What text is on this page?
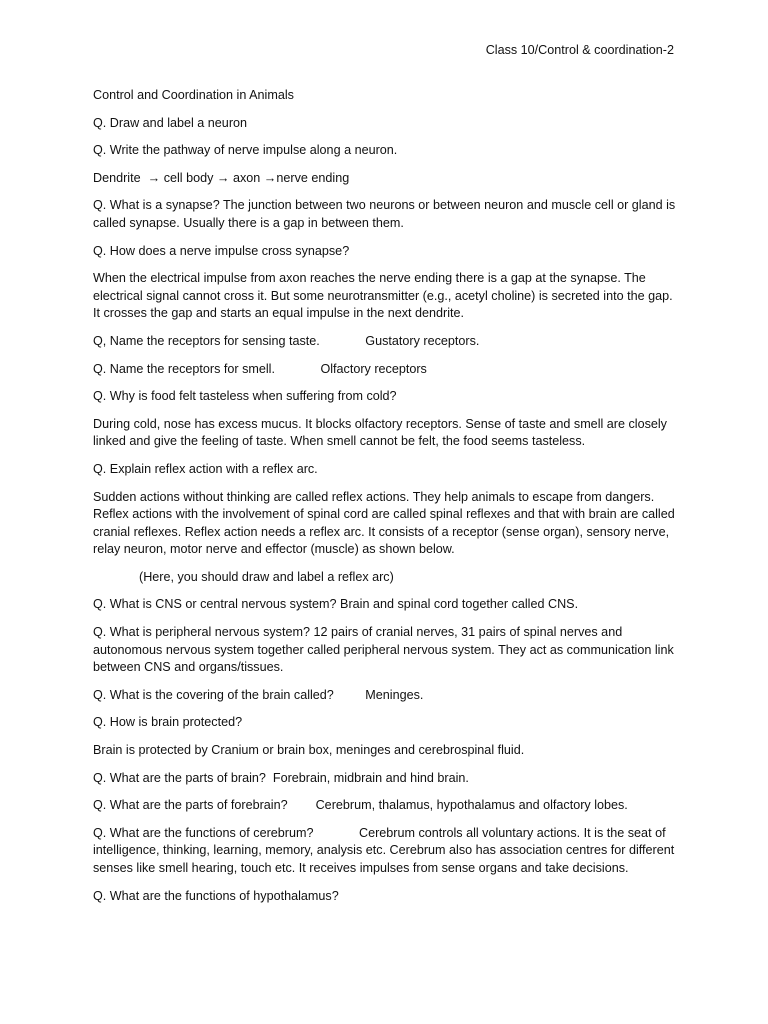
Class 10/Control & coordination-2

Control and Coordination in Animals

Q. Draw and label a neuron

Q. Write the pathway of nerve impulse along a neuron.

Dendrite  → cell body → axon →nerve ending

Q. What is a synapse? The junction between two neurons or between neuron and muscle cell or gland is called synapse. Usually there is a gap in between them.

Q. How does a nerve impulse cross synapse?

When the electrical impulse from axon reaches the nerve ending there is a gap at the synapse. The electrical signal cannot cross it. But some neurotransmitter (e.g., acetyl choline) is secreted into the gap. It crosses the gap and starts an equal impulse in the next dendrite.

Q, Name the receptors for sensing taste.             Gustatory receptors.

Q. Name the receptors for smell.             Olfactory receptors

Q. Why is food felt tasteless when suffering from cold?

During cold, nose has excess mucus. It blocks olfactory receptors. Sense of taste and smell are closely linked and give the feeling of taste. When smell cannot be felt, the food seems tasteless.

Q. Explain reflex action with a reflex arc.

Sudden actions without thinking are called reflex actions. They help animals to escape from dangers. Reflex actions with the involvement of spinal cord are called spinal reflexes and that with brain are called cranial reflexes. Reflex action needs a reflex arc. It consists of a receptor (sense organ), sensory nerve, relay neuron, motor nerve and effector (muscle) as shown below.

(Here, you should draw and label a reflex arc)

Q. What is CNS or central nervous system? Brain and spinal cord together called CNS.

Q. What is peripheral nervous system? 12 pairs of cranial nerves, 31 pairs of spinal nerves and autonomous nervous system together called peripheral nervous system. They act as communication link between CNS and organs/tissues.

Q. What is the covering of the brain called?         Meninges.

Q. How is brain protected?

Brain is protected by Cranium or brain box, meninges and cerebrospinal fluid.

Q. What are the parts of brain?  Forebrain, midbrain and hind brain.

Q. What are the parts of forebrain?        Cerebrum, thalamus, hypothalamus and olfactory lobes.

Q. What are the functions of cerebrum?             Cerebrum controls all voluntary actions. It is the seat of intelligence, thinking, learning, memory, analysis etc. Cerebrum also has association centres for different senses like smell hearing, touch etc. It receives impulses from sense organs and take decisions.

Q. What are the functions of hypothalamus?
